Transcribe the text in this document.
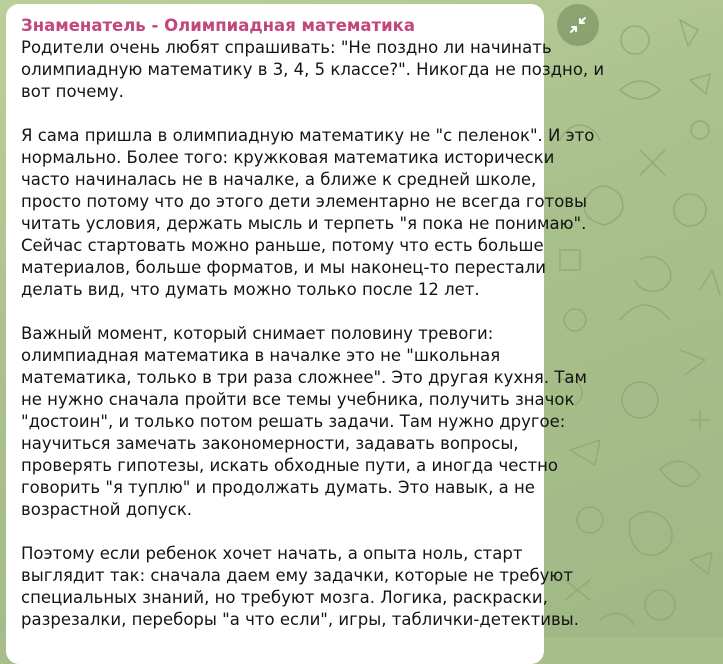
Знаменатель - Олимпиадная математика
Родители очень любят спрашивать: "Не поздно ли начинать
олимпиадную математику в 3, 4, 5 классе?". Никогда не поздно, и
вот почему.
Я сама пришла в олимпиадную математику не "с пеленок". И это
нормально. Более того: кружковая математика исторически
часто начиналась не в началке, а ближе к средней школе,
просто потому что до этого дети элементарно не всегда готовы
читать условия, держать мысль и терпеть "я пока не понимаю".
Сейчас стартовать можно раньше, потому что есть больше
материалов, больше форматов, и мы наконец-то перестали
делать вид, что думать можно только после 12 лет.
Важный момент, который снимает половину тревоги:
олимпиадная математика в началке это не "школьная
математика, только в три раза сложнее". Это другая кухня. Там
не нужно сначала пройти все темы учебника, получить значок
"достоин", и только потом решать задачи. Там нужно другое:
научиться замечать закономерности, задавать вопросы,
проверять гипотезы, искать обходные пути, а иногда честно
говорить "я туплю" и продолжать думать. Это навык, а не
возрастной допуск.
Поэтому если ребенок хочет начать, а опыта ноль, старт
выглядит так: сначала даем ему задачки, которые не требуют
специальных знаний, но требуют мозга. Логика, раскраски,
разрезалки, переборы "а что если", игры, таблички-детективы.
